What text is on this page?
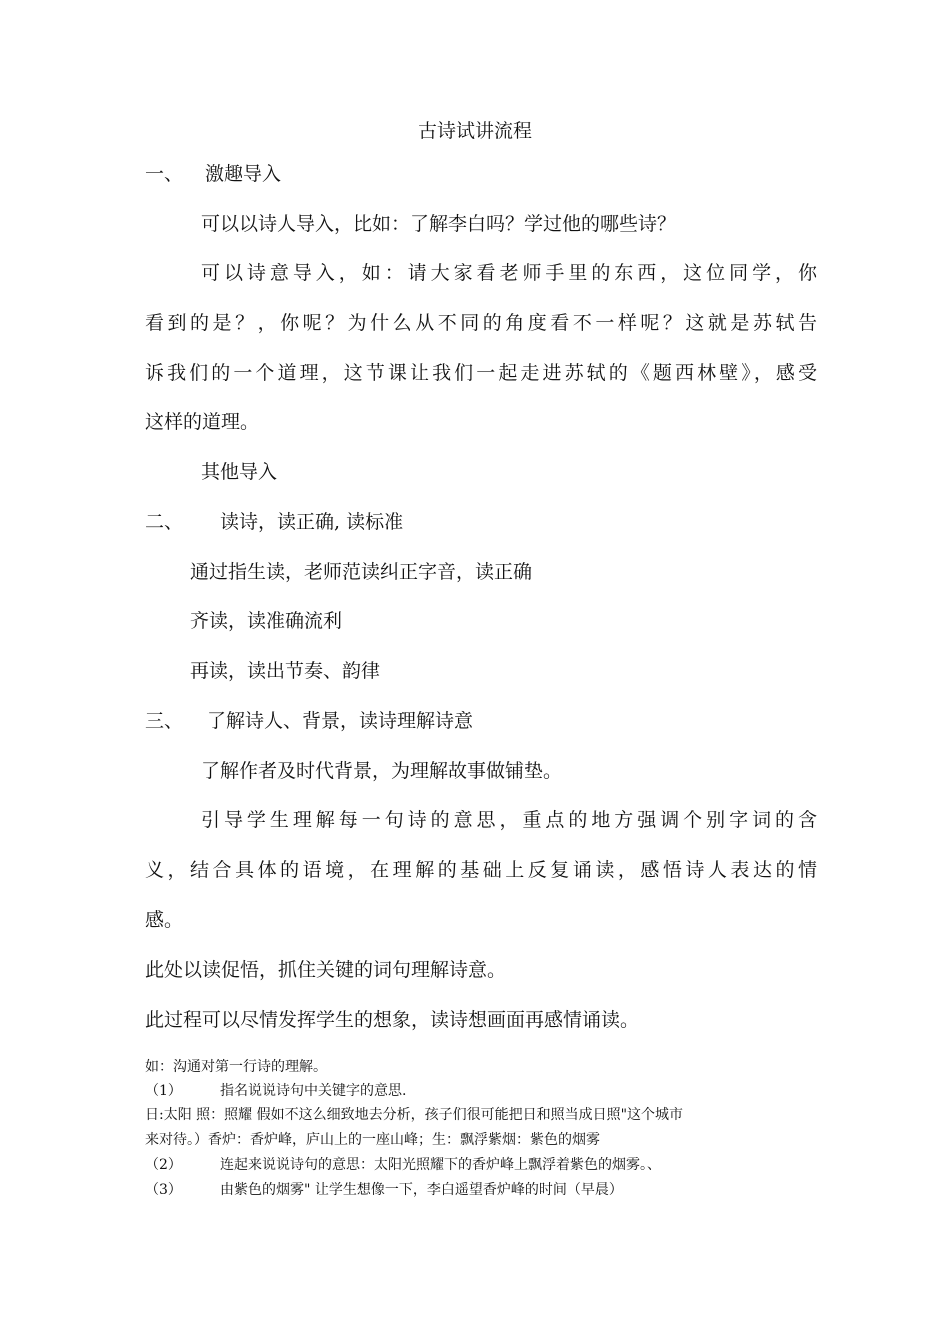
古诗试讲流程
一、 激趣导入
可以以诗人导入，比如：了解李白吗？学过他的哪些诗？
可以诗意导入，如：请大家看老师手里的东西，这位同学，你
看到的是？，你呢？为什么从不同的角度看不一样呢？这就是苏轼告
诉我们的一个道理，这节课让我们一起走进苏轼的《题西林壁》，感受
这样的道理。
其他导入
二、 读诗，读正确, 读标准
通过指生读，老师范读纠正字音，读正确
齐读，读准确流利
再读，读出节奏、韵律
三、 了解诗人、背景，读诗理解诗意
了解作者及时代背景，为理解故事做铺垫。
引导学生理解每一句诗的意思，重点的地方强调个别字词的含
义，结合具体的语境，在理解的基础上反复诵读，感悟诗人表达的情
感。
此处以读促悟，抓住关键的词句理解诗意。
此过程可以尽情发挥学生的想象，读诗想画面再感情诵读。
如：沟通对第一行诗的理解。
（1）	指名说说诗句中关键字的意思.
日:太阳 照：照耀 假如不这么细致地去分析，孩子们很可能把日和照当成日照"这个城市
来对待。）香炉：香炉峰，庐山上的一座山峰；生：飘浮紫烟：紫色的烟雾
（2）	连起来说说诗句的意思：太阳光照耀下的香炉峰上飘浮着紫色的烟雾。、
（3）	由紫色的烟雾" 让学生想像一下，李白遥望香炉峰的时间（早晨）
